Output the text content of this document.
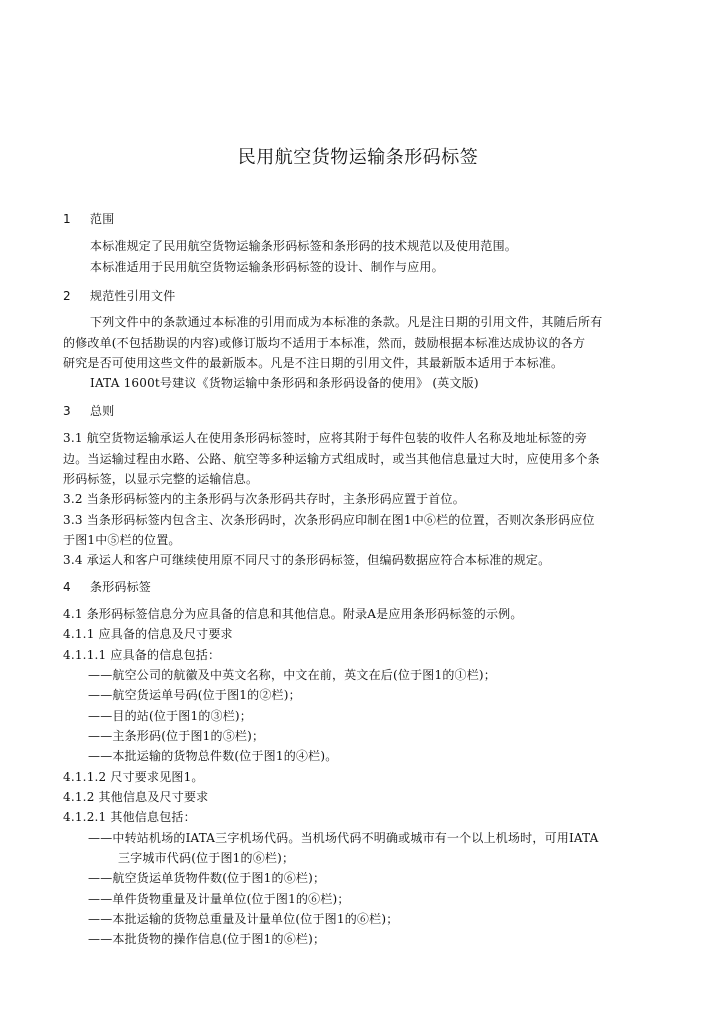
民用航空货物运输条形码标签
1 范围
本标准规定了民用航空货物运输条形码标签和条形码的技术规范以及使用范围。
本标准适用于民用航空货物运输条形码标签的设计、制作与应用。
2 规范性引用文件
下列文件中的条款通过本标准的引用而成为本标准的条款。凡是注日期的引用文件，其随后所有
的修改单(不包括勘误的内容)或修订版均不适用于本标准，然而，鼓励根据本标准达成协议的各方
研究是否可使用这些文件的最新版本。凡是不注日期的引用文件，其最新版本适用于本标准。
IATA 1600t号建议《货物运输中条形码和条形码设备的使用》 (英文版)
3 总则
3.1 航空货物运输承运人在使用条形码标签时，应将其附于每件包装的收件人名称及地址标签的旁
边。当运输过程由水路、公路、航空等多种运输方式组成时，或当其他信息量过大时，应使用多个条
形码标签，以显示完整的运输信息。
3.2 当条形码标签内的主条形码与次条形码共存时，主条形码应置于首位。
3.3 当条形码标签内包含主、次条形码时，次条形码应印制在图1中⑥栏的位置，否则次条形码应位
于图1中⑤栏的位置。
3.4 承运人和客户可继续使用原不同尺寸的条形码标签，但编码数据应符合本标准的规定。
4 条形码标签
4.1 条形码标签信息分为应具备的信息和其他信息。附录A是应用条形码标签的示例。
4.1.1 应具备的信息及尺寸要求
4.1.1.1 应具备的信息包括：
——航空公司的航徽及中英文名称，中文在前，英文在后(位于图1的①栏)；
——航空货运单号码(位于图1的②栏)；
——目的站(位于图1的③栏)；
——主条形码(位于图1的⑤栏)；
——本批运输的货物总件数(位于图1的④栏)。
4.1.1.2 尺寸要求见图1。
4.1.2 其他信息及尺寸要求
4.1.2.1 其他信息包括：
——中转站机场的IATA三字机场代码。当机场代码不明确或城市有一个以上机场时，可用IATA
三字城市代码(位于图1的⑥栏)；
——航空货运单货物件数(位于图1的⑥栏)；
——单件货物重量及计量单位(位于图1的⑥栏)；
——本批运输的货物总重量及计量单位(位于图1的⑥栏)；
——本批货物的操作信息(位于图1的⑥栏)；
